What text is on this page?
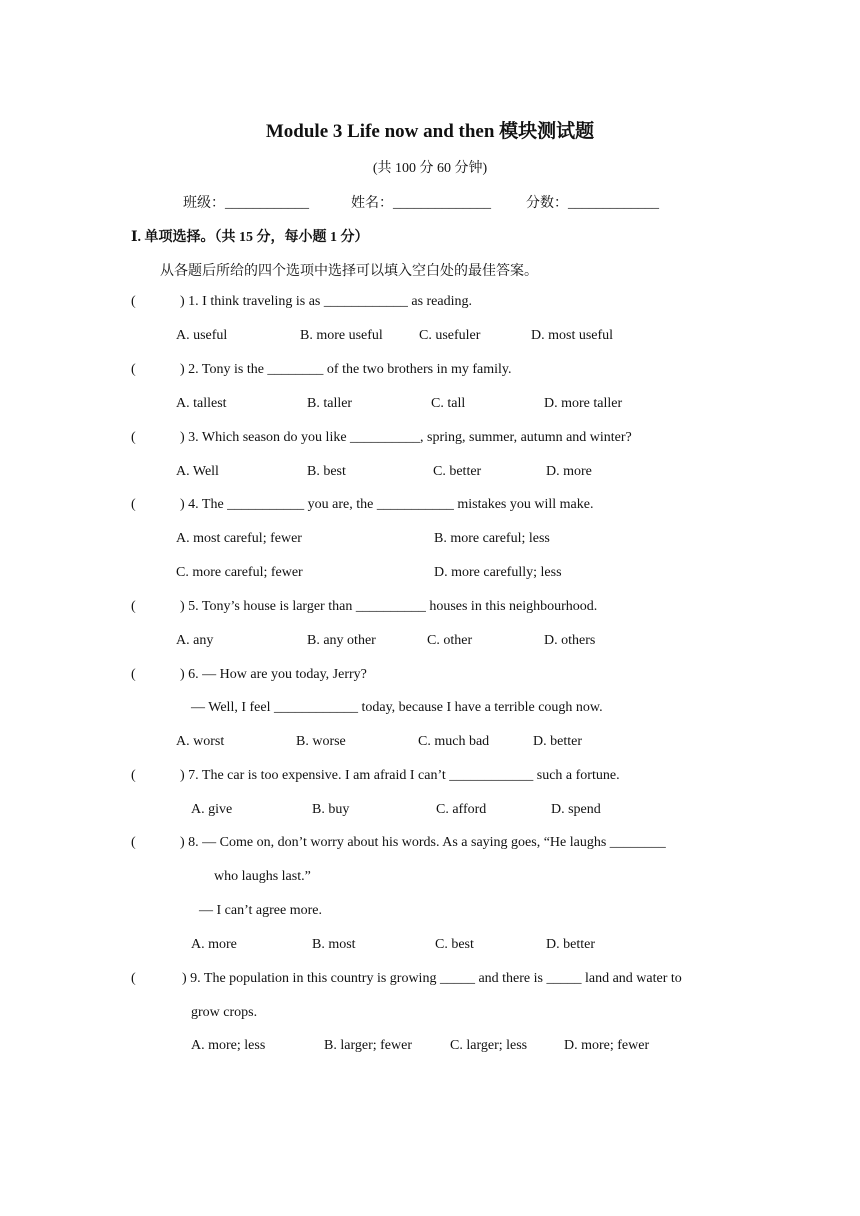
Module 3 Life now and then 模块测试题
(共 100 分 60 分钟)
班级：____________	姓名：______________	分数：_____________
Ⅰ. 单项选择。（共 15 分，每小题 1 分）
从各题后所给的四个选项中选择可以填入空白处的最佳答案。
(	) 1. I think traveling is as ____________ as reading.
A. useful	B. more useful	C. usefuler	D. most useful
(	) 2. Tony is the ________ of the two brothers in my family.
A. tallest	B. taller	C. tall	D. more taller
(	) 3. Which season do you like __________, spring, summer, autumn and winter?
A. Well	B. best	C. better	D. more
(	) 4. The ___________ you are, the ___________ mistakes you will make.
A. most careful; fewer	B. more careful; less
C. more careful; fewer	D. more carefully; less
(	) 5. Tony’s house is larger than __________ houses in this neighbourhood.
A. any	B. any other	C. other	D. others
(	) 6. — How are you today, Jerry?
— Well, I feel ____________ today, because I have a terrible cough now.
A. worst	B. worse	C. much bad	D. better
(	) 7. The car is too expensive. I am afraid I can’t ____________ such a fortune.
A. give	B. buy	C. afford	D. spend
(	) 8. — Come on, don’t worry about his words. As a saying goes, “He laughs ________
who laughs last.”
— I can’t agree more.
A. more	B. most	C. best	D. better
(	) 9. The population in this country is growing _____ and there is _____ land and water to
grow crops.
A. more; less	B. larger; fewer	C. larger; less	D. more; fewer
